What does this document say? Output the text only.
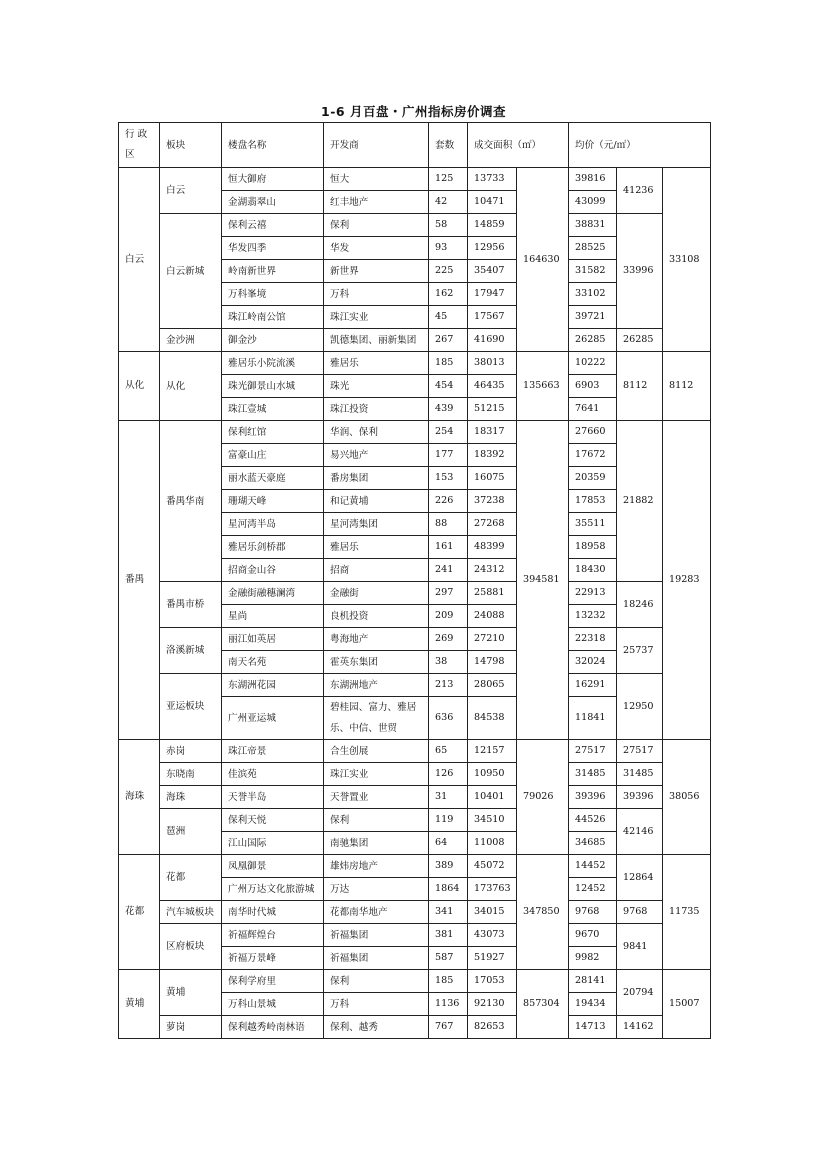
1-6 月百盘・广州指标房价调查
行 政 区	板块	楼盘名称	开发商	套数	成交面积（㎡）		均价（元/㎡）		
白云	白云	恒大御府	恒大	125	13733	164630	39816	41236	33108
		金湖翡翠山	红丰地产	42	10471		43099		
	白云新城	保利云禧	保利	58	14859		38831	33996	
		华发四季	华发	93	12956		28525		
		岭南新世界	新世界	225	35407		31582		
		万科峯境	万科	162	17947		33102		
		珠江岭南公馆	珠江实业	45	17567		39721		
	金沙洲	御金沙	凯德集团、丽新集团	267	41690		26285	26285	
从化	从化	雅居乐小院流溪	雅居乐	185	38013	135663	10222	8112	8112
		珠光御景山水城	珠光	454	46435		6903		
		珠江壹城	珠江投资	439	51215		7641		
番禺	番禺华南	保利红馆	华润、保利	254	18317	394581	27660	21882	19283
		富豪山庄	易兴地产	177	18392		17672		
		丽水蓝天豪庭	番房集团	153	16075		20359		
		珊瑚天峰	和记黄埔	226	37238		17853		
		星河湾半岛	星河湾集团	88	27268		35511		
		雅居乐剑桥郡	雅居乐	161	48399		18958		
		招商金山谷	招商	241	24312		18430		
	番禺市桥	金融街融穗澜湾	金融街	297	25881		22913	18246	
		星尚	良机投资	209	24088		13232		
	洛溪新城	丽江如英居	粤海地产	269	27210		22318	25737	
		南天名苑	霍英东集团	38	14798		32024		
	亚运板块	东湖洲花园	东湖洲地产	213	28065		16291	12950	
		广州亚运城	碧桂园、富力、雅居乐、中信、世贸	636	84538		11841		
海珠	赤岗	珠江帝景	合生创展	65	12157	79026	27517	27517	38056
	东晓南	佳滨苑	珠江实业	126	10950		31485	31485	
	海珠	天誉半岛	天誉置业	31	10401		39396	39396	
	琶洲	保利天悦	保利	119	34510		44526	42146	
		江山国际	南驰集团	64	11008		34685		
花都	花都	凤凰御景	雄炜房地产	389	45072	347850	14452	12864	11735
		广州万达文化旅游城	万达	1864	173763		12452		
	汽车城板块	南华时代城	花都南华地产	341	34015		9768	9768	
	区府板块	祈福辉煌台	祈福集团	381	43073		9670	9841	
		祈福万景峰	祈福集团	587	51927		9982		
黄埔	黄埔	保利学府里	保利	185	17053	857304	28141	20794	15007
		万科山景城	万科	1136	92130		19434		
	萝岗	保利越秀岭南林语	保利、越秀	767	82653		14713	14162	
